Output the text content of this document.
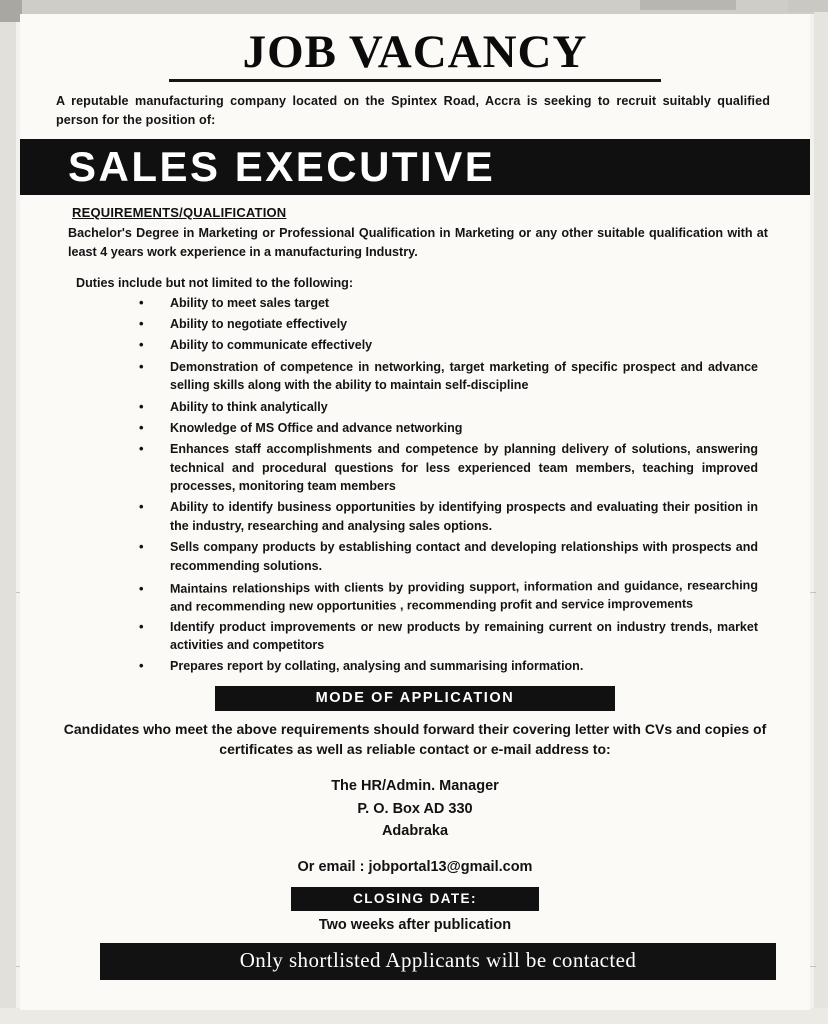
JOB VACANCY
A reputable manufacturing company located on the Spintex Road, Accra is seeking to recruit suitably qualified person for the position of:
SALES EXECUTIVE
REQUIREMENTS/QUALIFICATION
Bachelor's Degree in Marketing or Professional Qualification in Marketing or any other suitable qualification with at least 4 years work experience in a manufacturing Industry.
Duties include but not limited to the following:
• Ability to meet sales target
• Ability to negotiate effectively
• Ability to communicate effectively
• Demonstration of competence in networking, target marketing of specific prospect and advance selling skills along with the ability to maintain self-discipline
• Ability to think analytically
• Knowledge of MS Office and advance networking
• Enhances staff accomplishments and competence by planning delivery of solutions, answering technical and procedural questions for less experienced team members, teaching improved processes, monitoring team members
• Ability to identify business opportunities by identifying prospects and evaluating their position in the industry, researching and analysing sales options.
• Sells company products by establishing contact and developing relationships with prospects and recommending solutions.
• Maintains relationships with clients by providing support, information and guidance, researching and recommending new opportunities , recommending profit and service improvements
• Identify product improvements or new products by remaining current on industry trends, market activities and competitors
• Prepares report by collating, analysing and summarising information.
MODE OF APPLICATION
Candidates who meet the above requirements should forward their covering letter with CVs and copies of certificates as well as reliable contact or e-mail address to:
The HR/Admin. Manager
P. O. Box AD 330
Adabraka
Or email : jobportal13@gmail.com
CLOSING DATE:
Two weeks after publication
Only shortlisted Applicants will be contacted
